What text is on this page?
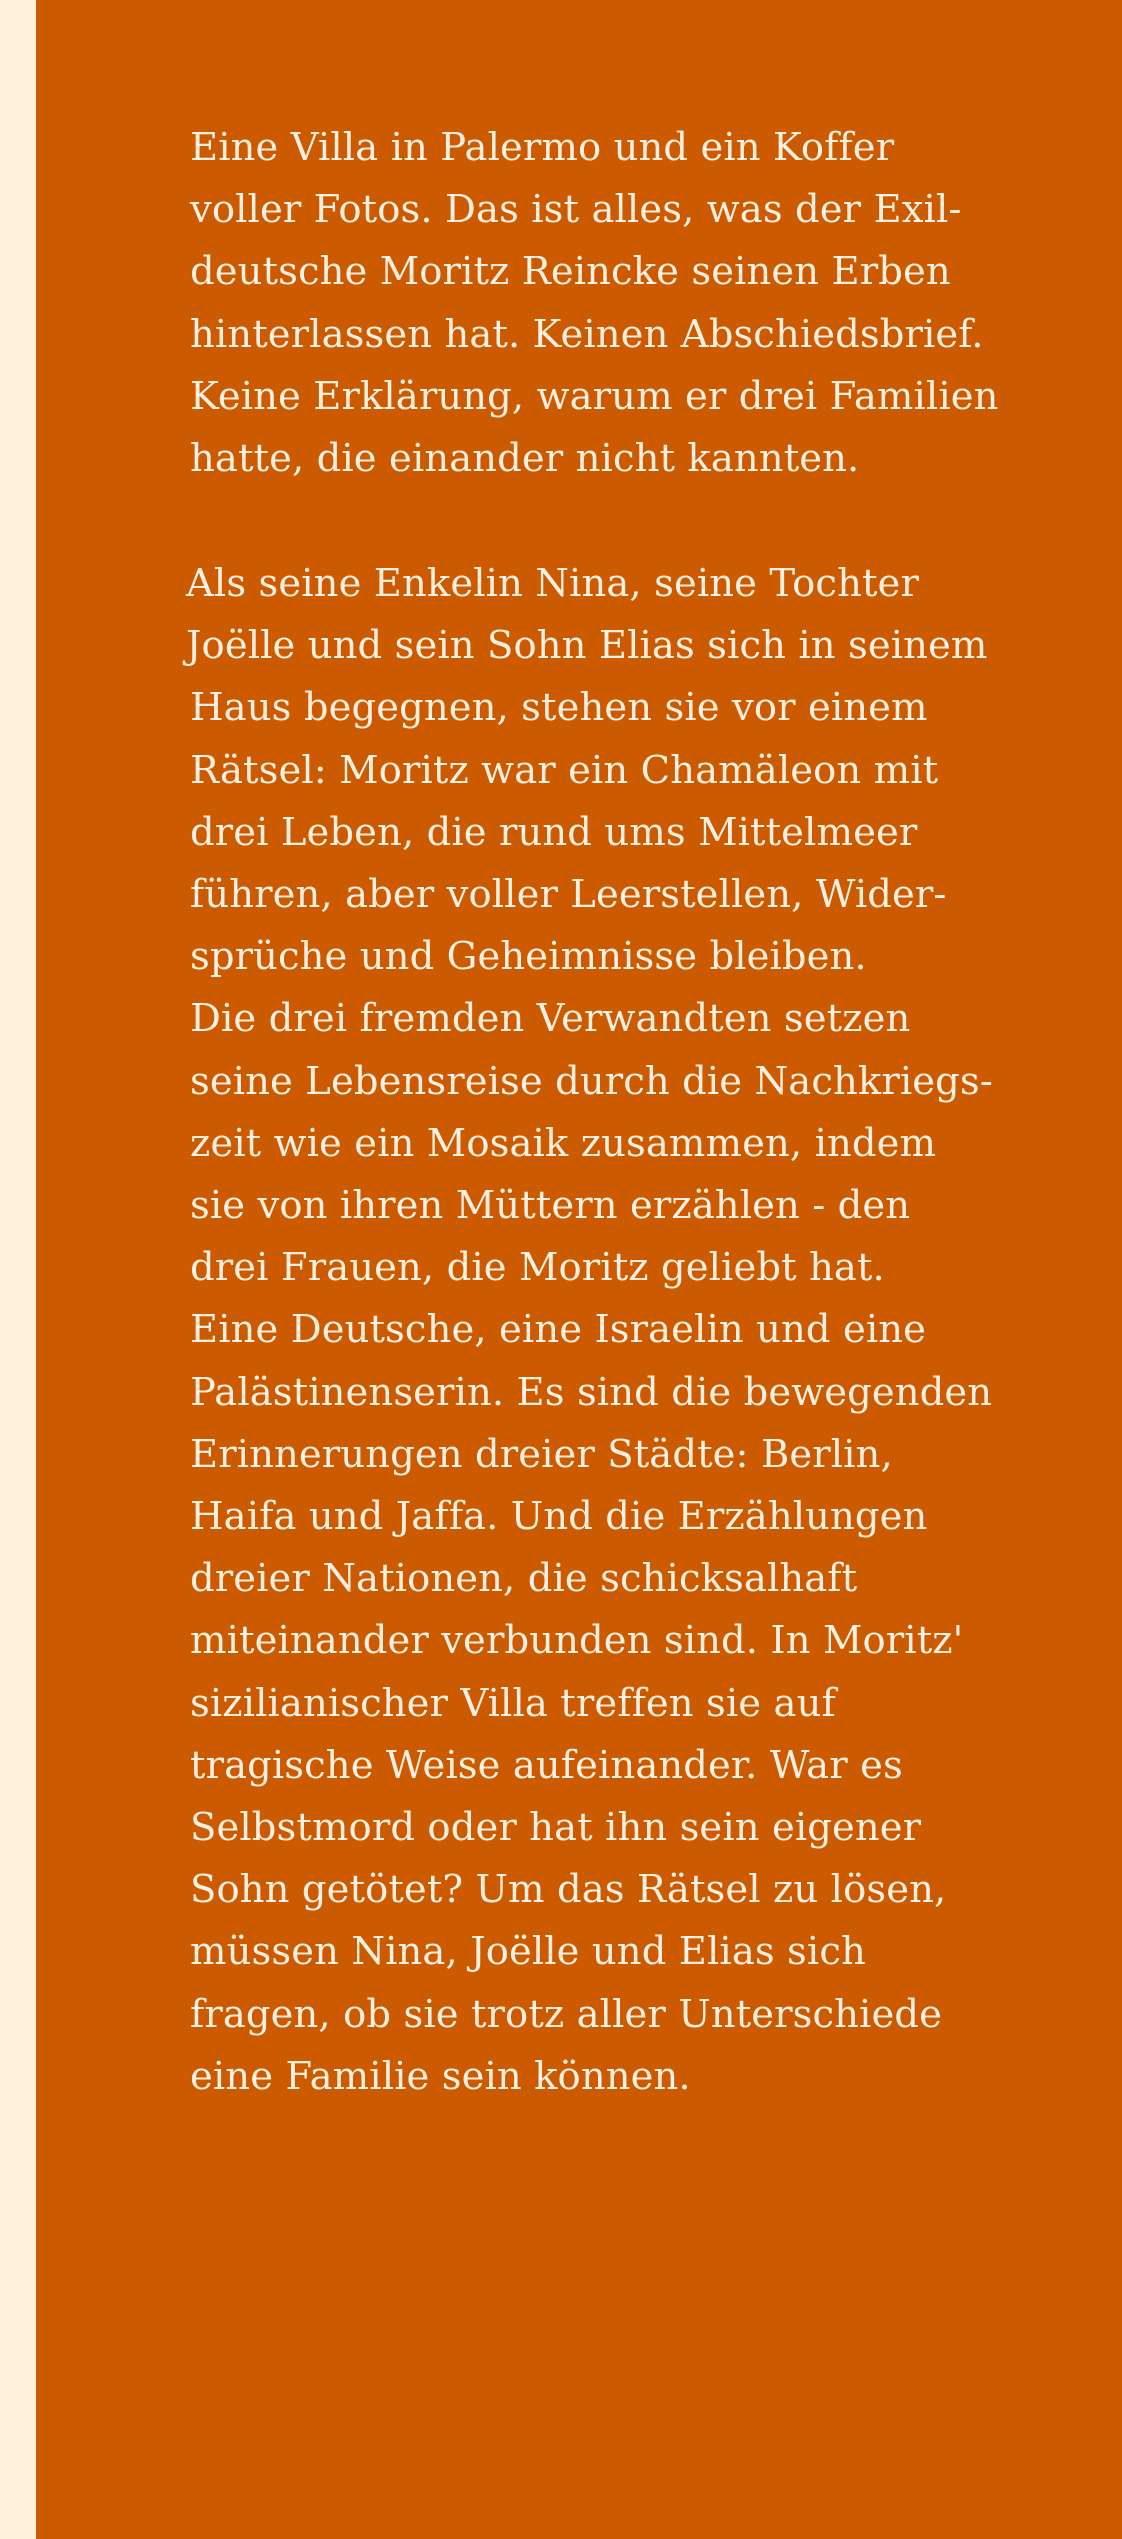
Eine Villa in Palermo und ein Koffer
voller Fotos. Das ist alles, was der Exil-
deutsche Moritz Reincke seinen Erben
hinterlassen hat. Keinen Abschiedsbrief.
Keine Erklärung, warum er drei Familien
hatte, die einander nicht kannten.
Als seine Enkelin Nina, seine Tochter
Joëlle und sein Sohn Elias sich in seinem
Haus begegnen, stehen sie vor einem
Rätsel: Moritz war ein Chamäleon mit
drei Leben, die rund ums Mittelmeer
führen, aber voller Leerstellen, Wider-
sprüche und Geheimnisse bleiben.
Die drei fremden Verwandten setzen
seine Lebensreise durch die Nachkriegs-
zeit wie ein Mosaik zusammen, indem
sie von ihren Müttern erzählen - den
drei Frauen, die Moritz geliebt hat.
Eine Deutsche, eine Israelin und eine
Palästinenserin. Es sind die bewegenden
Erinnerungen dreier Städte: Berlin,
Haifa und Jaffa. Und die Erzählungen
dreier Nationen, die schicksalhaft
miteinander verbunden sind. In Moritz'
sizilianischer Villa treffen sie auf
tragische Weise aufeinander. War es
Selbstmord oder hat ihn sein eigener
Sohn getötet? Um das Rätsel zu lösen,
müssen Nina, Joëlle und Elias sich
fragen, ob sie trotz aller Unterschiede
eine Familie sein können.
